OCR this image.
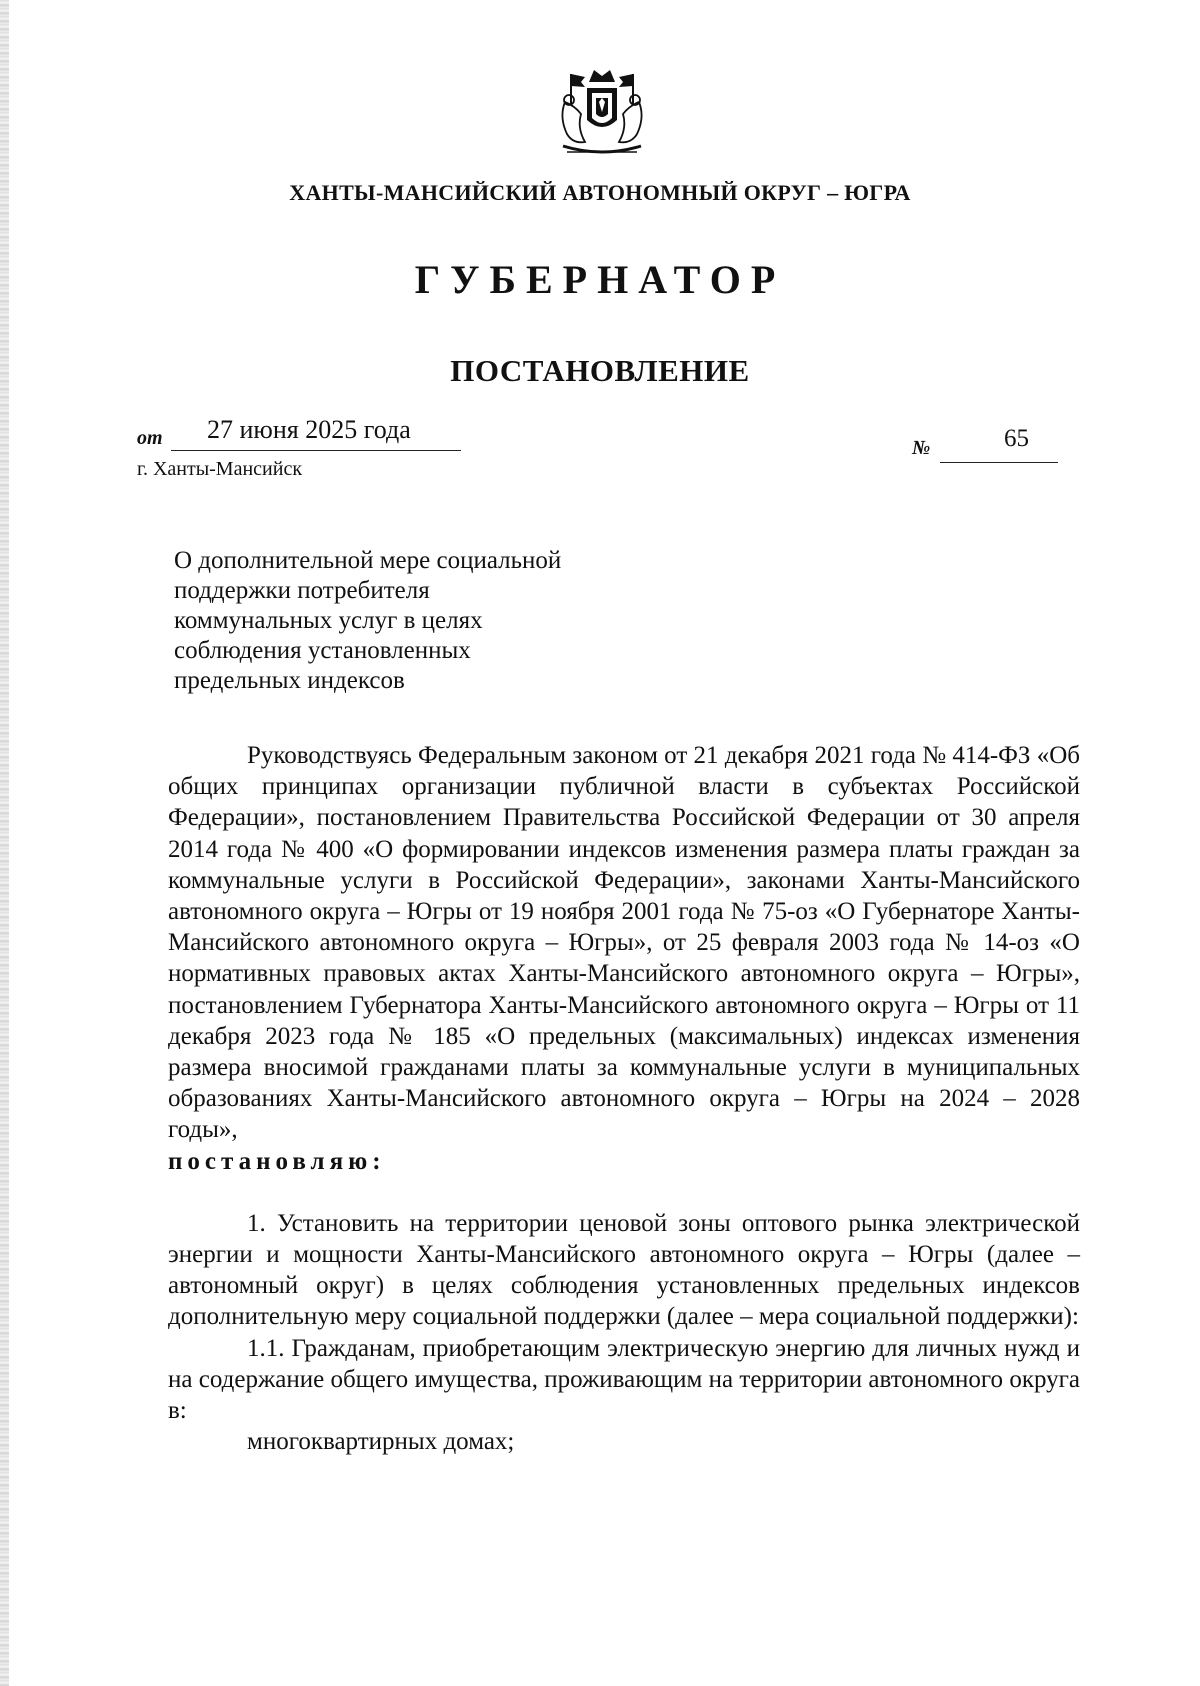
ХАНТЫ-МАНСИЙСКИЙ АВТОНОМНЫЙ ОКРУГ – ЮГРА
ГУБЕРНАТОР
ПОСТАНОВЛЕНИЕ
от 27 июня 2025 года
№	65
г. Ханты-Мансийск
О дополнительной мере социальной
поддержки потребителя
коммунальных услуг в целях
соблюдения установленных
предельных индексов
Руководствуясь Федеральным законом от 21 декабря 2021 года № 414-ФЗ «Об общих принципах организации публичной власти в субъектах Российской Федерации», постановлением Правительства Российской Федерации от 30 апреля 2014 года № 400 «О формировании индексов изменения размера платы граждан за коммунальные услуги в Российской Федерации», законами Ханты-Мансийского автономного округа – Югры от 19 ноября 2001 года № 75-оз «О Губернаторе Ханты-Мансийского автономного округа – Югры», от 25 февраля 2003 года № 14-оз «О нормативных правовых актах Ханты-Мансийского автономного округа – Югры», постановлением Губернатора Ханты-Мансийского автономного округа – Югры от 11 декабря 2023 года № 185 «О предельных (максимальных) индексах изменения размера вносимой гражданами платы за коммунальные услуги в муниципальных образованиях Ханты-Мансийского автономного округа – Югры на 2024 – 2028 годы»,
постановляю:
1. Установить на территории ценовой зоны оптового рынка электрической энергии и мощности Ханты-Мансийского автономного округа – Югры (далее – автономный округ) в целях соблюдения установленных предельных индексов дополнительную меру социальной поддержки (далее – мера социальной поддержки):
1.1. Гражданам, приобретающим электрическую энергию для личных нужд и на содержание общего имущества, проживающим на территории автономного округа в:
многоквартирных домах;
